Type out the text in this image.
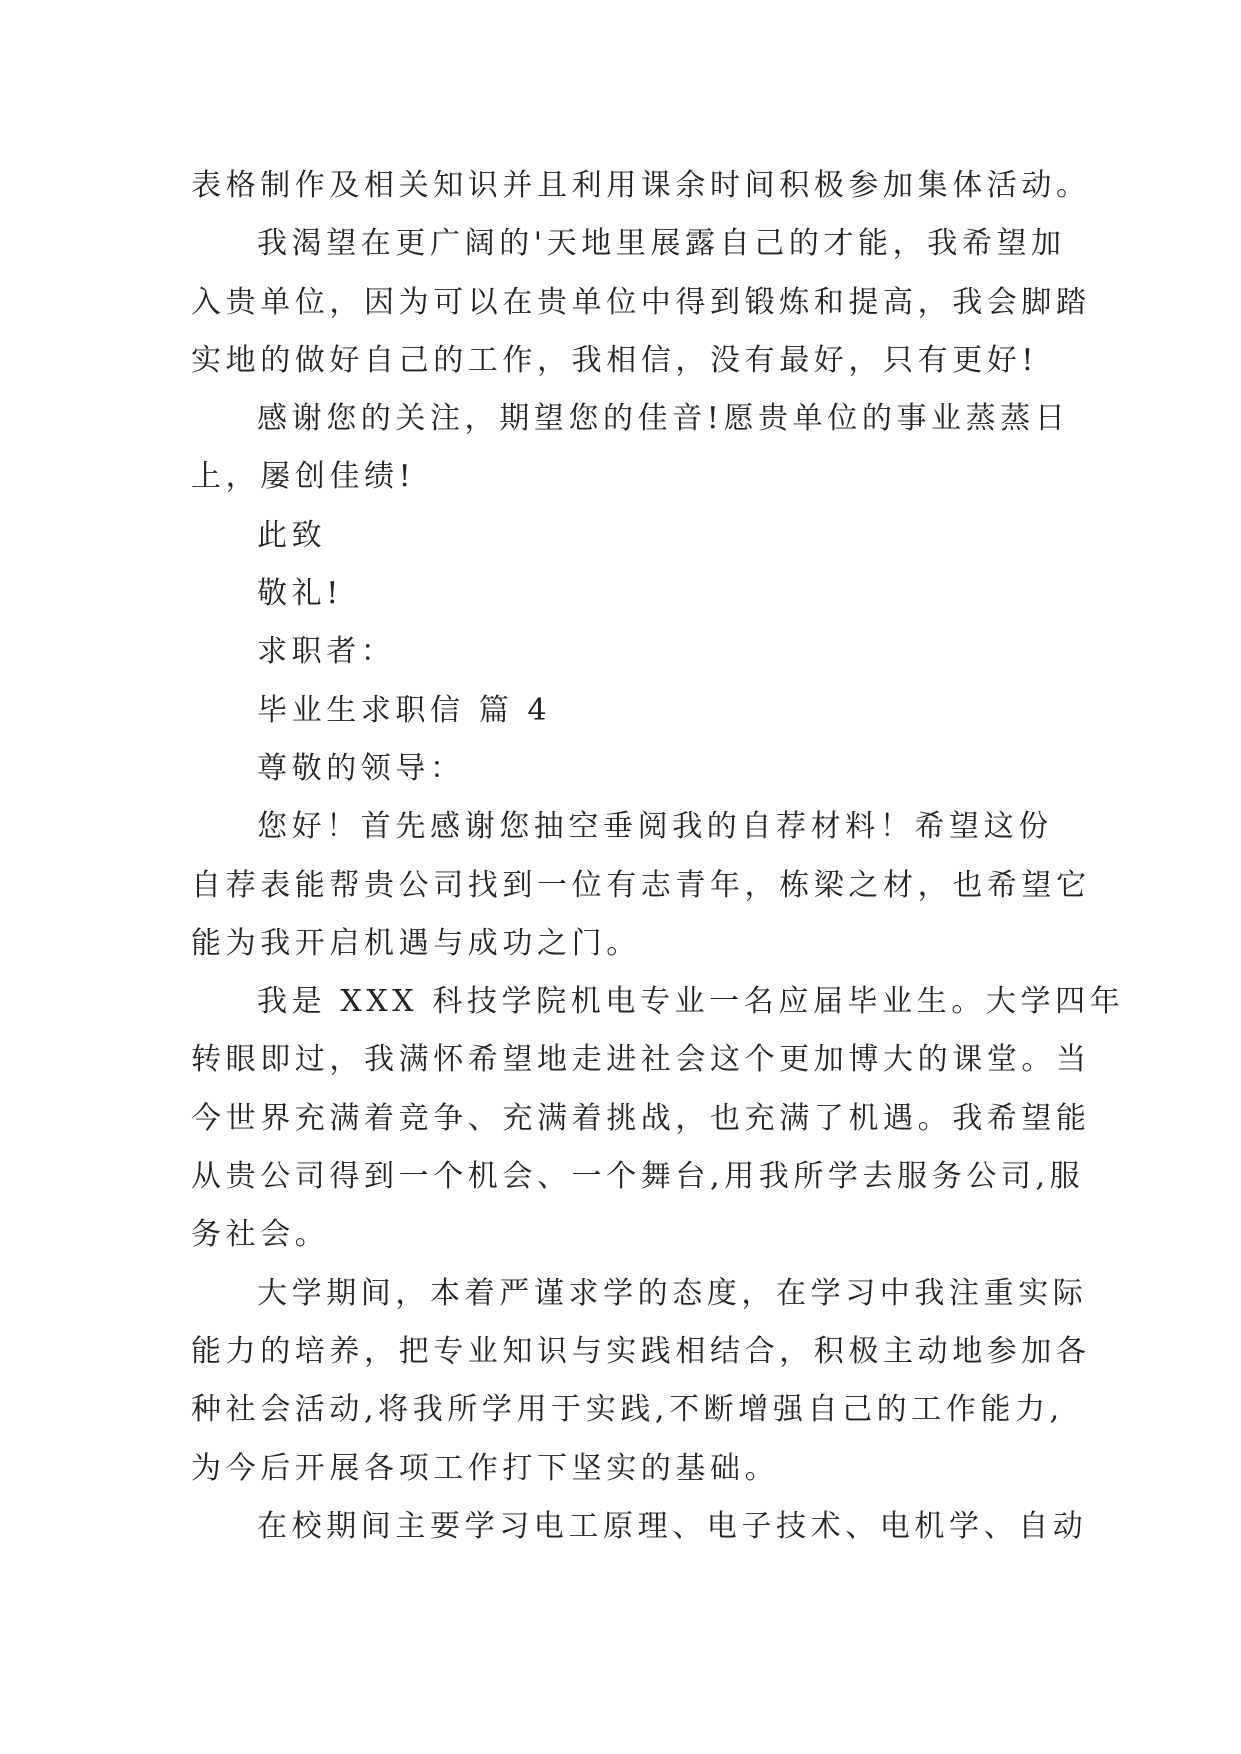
表格制作及相关知识并且利用课余时间积极参加集体活动。
我渴望在更广阔的'天地里展露自己的才能，我希望加
入贵单位，因为可以在贵单位中得到锻炼和提高，我会脚踏
实地的做好自己的工作，我相信，没有最好，只有更好!
感谢您的关注，期望您的佳音!愿贵单位的事业蒸蒸日
上，屡创佳绩!
此致
敬礼!
求职者：
毕业生求职信 篇 4
尊敬的领导：
您好！首先感谢您抽空垂阅我的自荐材料！希望这份
自荐表能帮贵公司找到一位有志青年，栋梁之材，也希望它
能为我开启机遇与成功之门。
我是 XXX 科技学院机电专业一名应届毕业生。大学四年
转眼即过，我满怀希望地走进社会这个更加博大的课堂。当
今世界充满着竞争、充满着挑战，也充满了机遇。我希望能
从贵公司得到一个机会、一个舞台,用我所学去服务公司,服
务社会。
大学期间，本着严谨求学的态度，在学习中我注重实际
能力的培养，把专业知识与实践相结合，积极主动地参加各
种社会活动,将我所学用于实践,不断增强自己的工作能力,
为今后开展各项工作打下坚实的基础。
在校期间主要学习电工原理、电子技术、电机学、自动
